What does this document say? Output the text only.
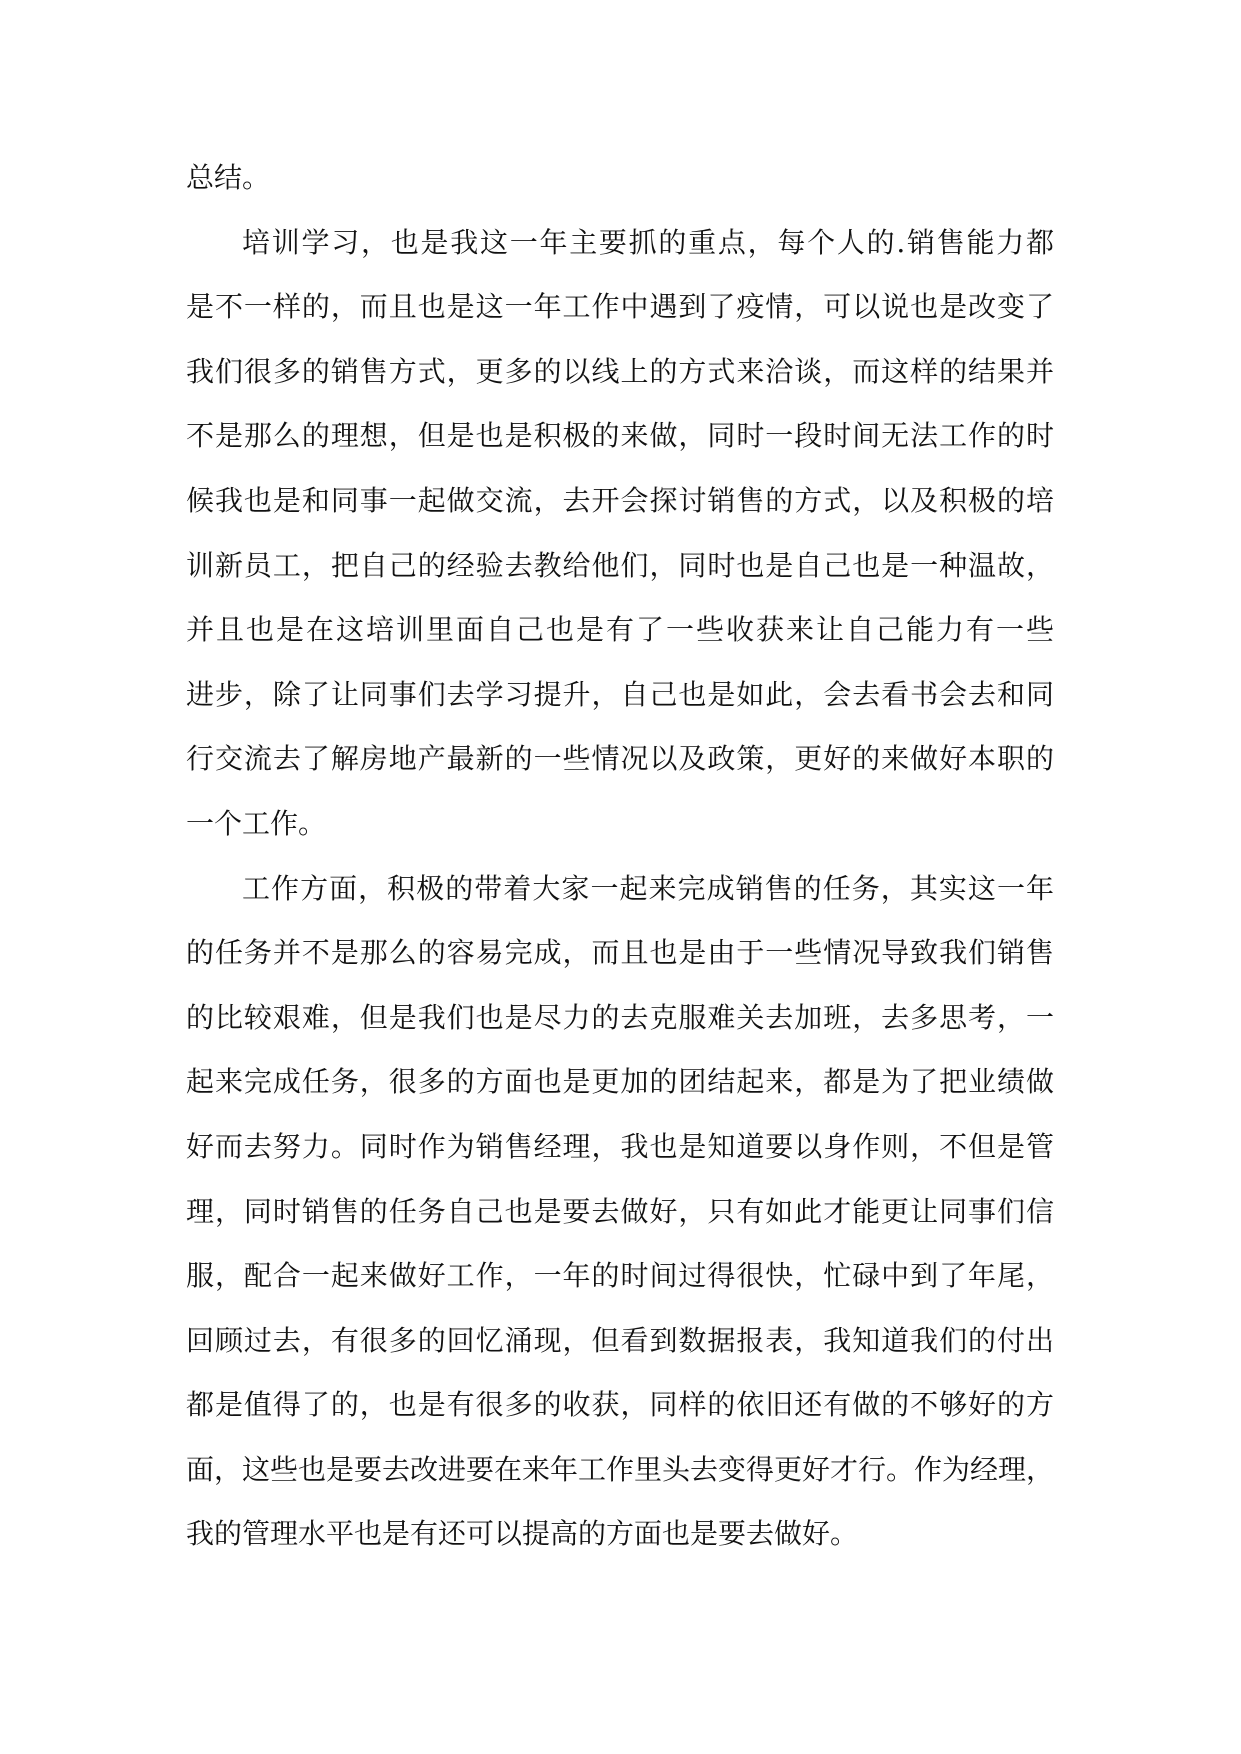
总结。
培训学习，也是我这一年主要抓的重点，每个人的.销售能力都
是不一样的，而且也是这一年工作中遇到了疫情，可以说也是改变了
我们很多的销售方式，更多的以线上的方式来洽谈，而这样的结果并
不是那么的理想，但是也是积极的来做，同时一段时间无法工作的时
候我也是和同事一起做交流，去开会探讨销售的方式，以及积极的培
训新员工，把自己的经验去教给他们，同时也是自己也是一种温故，
并且也是在这培训里面自己也是有了一些收获来让自己能力有一些
进步，除了让同事们去学习提升，自己也是如此，会去看书会去和同
行交流去了解房地产最新的一些情况以及政策，更好的来做好本职的
一个工作。
工作方面，积极的带着大家一起来完成销售的任务，其实这一年
的任务并不是那么的容易完成，而且也是由于一些情况导致我们销售
的比较艰难，但是我们也是尽力的去克服难关去加班，去多思考，一
起来完成任务，很多的方面也是更加的团结起来，都是为了把业绩做
好而去努力。同时作为销售经理，我也是知道要以身作则，不但是管
理，同时销售的任务自己也是要去做好，只有如此才能更让同事们信
服，配合一起来做好工作，一年的时间过得很快，忙碌中到了年尾，
回顾过去，有很多的回忆涌现，但看到数据报表，我知道我们的付出
都是值得了的，也是有很多的收获，同样的依旧还有做的不够好的方
面，这些也是要去改进要在来年工作里头去变得更好才行。作为经理，
我的管理水平也是有还可以提高的方面也是要去做好。
